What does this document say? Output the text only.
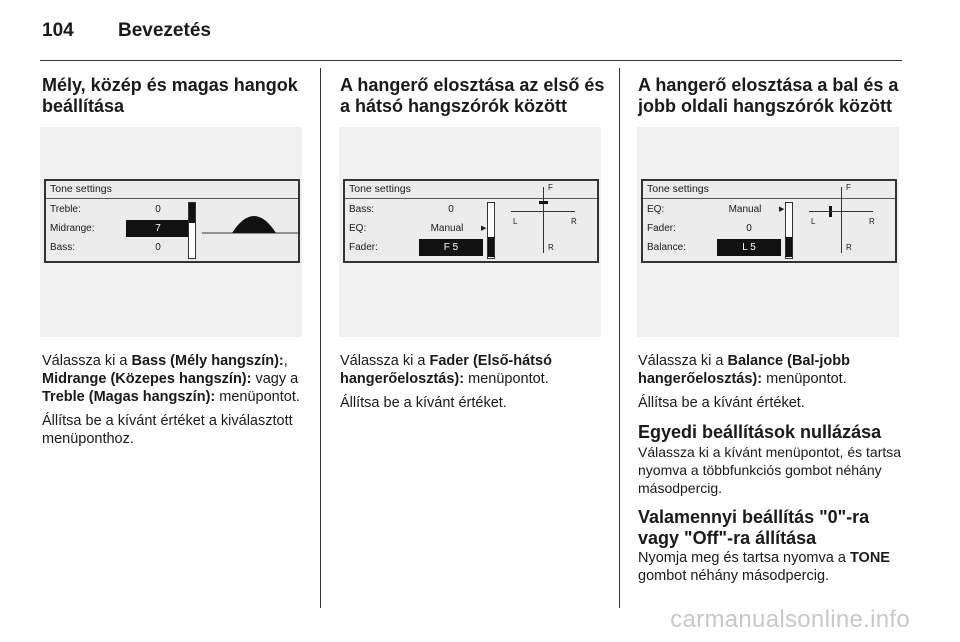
104 Bevezetés
Mély, közép és magas hangok beállítása
Tone settings
Treble:	0
Midrange:	7
Bass:	0

Válassza ki a Bass (Mély hangszín):, Midrange (Közepes hangszín): vagy a Treble (Magas hangszín): menüpontot.

Állítsa be a kívánt értéket a kiválasztott menüponthoz.

A hangerő elosztása az első és a hátsó hangszórók között
Tone settings
Bass:	0
EQ:	Manual	▶
Fader:	F 5
F
R
L	R

Válassza ki a Fader (Első-hátsó hangerőelosztás): menüpontot.

Állítsa be a kívánt értéket.

A hangerő elosztása a bal és a jobb oldali hangszórók között
Tone settings
EQ:	Manual	▶
Fader:	0
Balance:	L 5
F
R
L	R

Válassza ki a Balance (Bal-jobb hangerőelosztás): menüpontot.

Állítsa be a kívánt értéket.

Egyedi beállítások nullázása

Válassza ki a kívánt menüpontot, és tartsa nyomva a többfunkciós gombot néhány másodpercig.

Valamennyi beállítás "0"-ra vagy "Off"-ra állítása

Nyomja meg és tartsa nyomva a TONE gombot néhány másodpercig.

carmanualsonline.info
